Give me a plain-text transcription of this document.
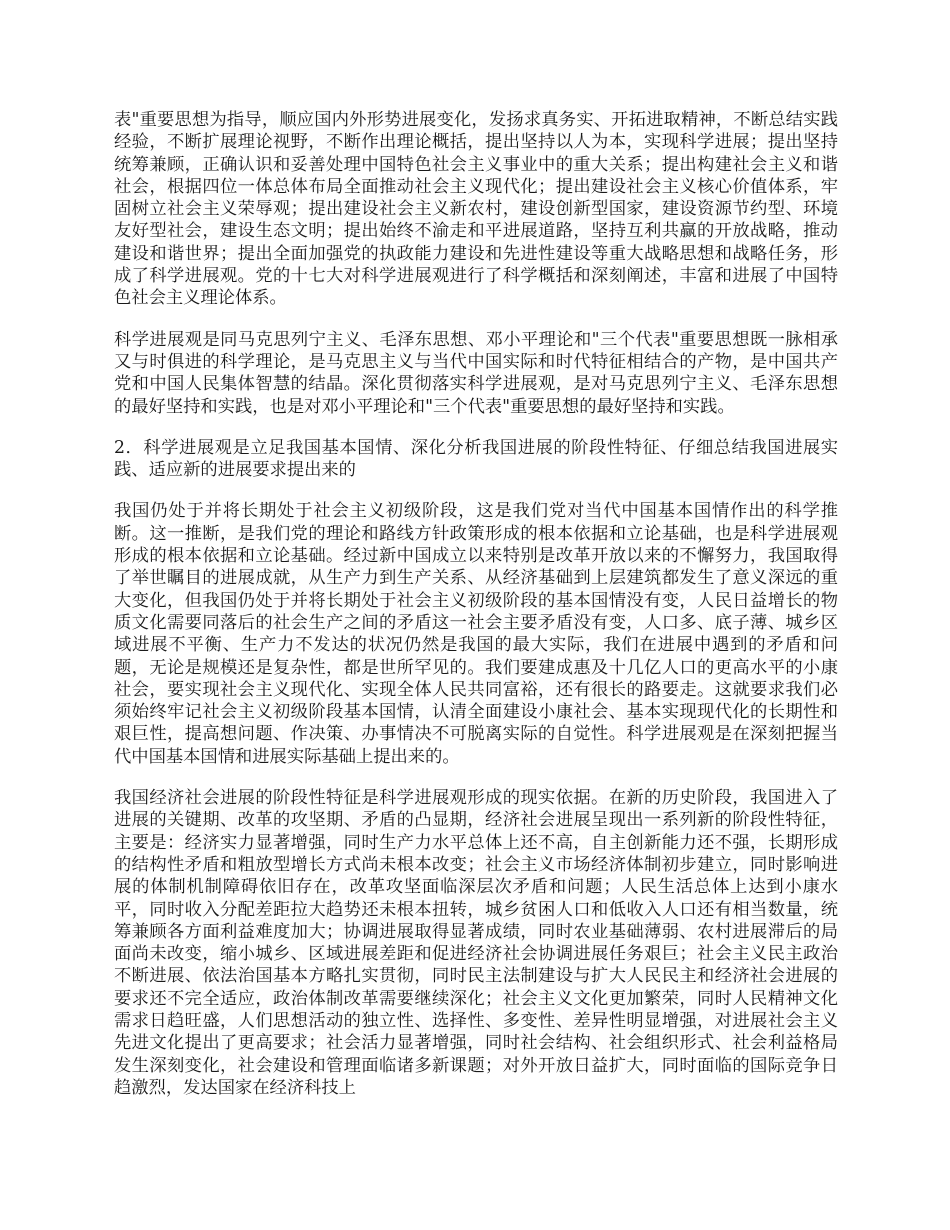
表"重要思想为指导，顺应国内外形势进展变化，发扬求真务实、开拓进取精神，不断总结实践经验，不断扩展理论视野，不断作出理论概括，提出坚持以人为本，实现科学进展；提出坚持统筹兼顾，正确认识和妥善处理中国特色社会主义事业中的重大关系；提出构建社会主义和谐社会，根据四位一体总体布局全面推动社会主义现代化；提出建设社会主义核心价值体系，牢固树立社会主义荣辱观；提出建设社会主义新农村，建设创新型国家，建设资源节约型、环境友好型社会，建设生态文明；提出始终不渝走和平进展道路，坚持互利共赢的开放战略，推动建设和谐世界；提出全面加强党的执政能力建设和先进性建设等重大战略思想和战略任务，形成了科学进展观。党的十七大对科学进展观进行了科学概括和深刻阐述，丰富和进展了中国特色社会主义理论体系。

科学进展观是同马克思列宁主义、毛泽东思想、邓小平理论和"三个代表"重要思想既一脉相承又与时俱进的科学理论，是马克思主义与当代中国实际和时代特征相结合的产物，是中国共产党和中国人民集体智慧的结晶。深化贯彻落实科学进展观，是对马克思列宁主义、毛泽东思想的最好坚持和实践，也是对邓小平理论和"三个代表"重要思想的最好坚持和实践。

2．科学进展观是立足我国基本国情、深化分析我国进展的阶段性特征、仔细总结我国进展实践、适应新的进展要求提出来的

我国仍处于并将长期处于社会主义初级阶段，这是我们党对当代中国基本国情作出的科学推断。这一推断，是我们党的理论和路线方针政策形成的根本依据和立论基础，也是科学进展观形成的根本依据和立论基础。经过新中国成立以来特别是改革开放以来的不懈努力，我国取得了举世瞩目的进展成就，从生产力到生产关系、从经济基础到上层建筑都发生了意义深远的重大变化，但我国仍处于并将长期处于社会主义初级阶段的基本国情没有变，人民日益增长的物质文化需要同落后的社会生产之间的矛盾这一社会主要矛盾没有变，人口多、底子薄、城乡区域进展不平衡、生产力不发达的状况仍然是我国的最大实际，我们在进展中遇到的矛盾和问题，无论是规模还是复杂性，都是世所罕见的。我们要建成惠及十几亿人口的更高水平的小康社会，要实现社会主义现代化、实现全体人民共同富裕，还有很长的路要走。这就要求我们必须始终牢记社会主义初级阶段基本国情，认清全面建设小康社会、基本实现现代化的长期性和艰巨性，提高想问题、作决策、办事情决不可脱离实际的自觉性。科学进展观是在深刻把握当代中国基本国情和进展实际基础上提出来的。

我国经济社会进展的阶段性特征是科学进展观形成的现实依据。在新的历史阶段，我国进入了进展的关键期、改革的攻坚期、矛盾的凸显期，经济社会进展呈现出一系列新的阶段性特征，主要是：经济实力显著增强，同时生产力水平总体上还不高，自主创新能力还不强，长期形成的结构性矛盾和粗放型增长方式尚未根本改变；社会主义市场经济体制初步建立，同时影响进展的体制机制障碍依旧存在，改革攻坚面临深层次矛盾和问题；人民生活总体上达到小康水平，同时收入分配差距拉大趋势还未根本扭转，城乡贫困人口和低收入人口还有相当数量，统筹兼顾各方面利益难度加大；协调进展取得显著成绩，同时农业基础薄弱、农村进展滞后的局面尚未改变，缩小城乡、区域进展差距和促进经济社会协调进展任务艰巨；社会主义民主政治不断进展、依法治国基本方略扎实贯彻，同时民主法制建设与扩大人民民主和经济社会进展的要求还不完全适应，政治体制改革需要继续深化；社会主义文化更加繁荣，同时人民精神文化需求日趋旺盛，人们思想活动的独立性、选择性、多变性、差异性明显增强，对进展社会主义先进文化提出了更高要求；社会活力显著增强，同时社会结构、社会组织形式、社会利益格局发生深刻变化，社会建设和管理面临诸多新课题；对外开放日益扩大，同时面临的国际竞争日趋激烈，发达国家在经济科技上
